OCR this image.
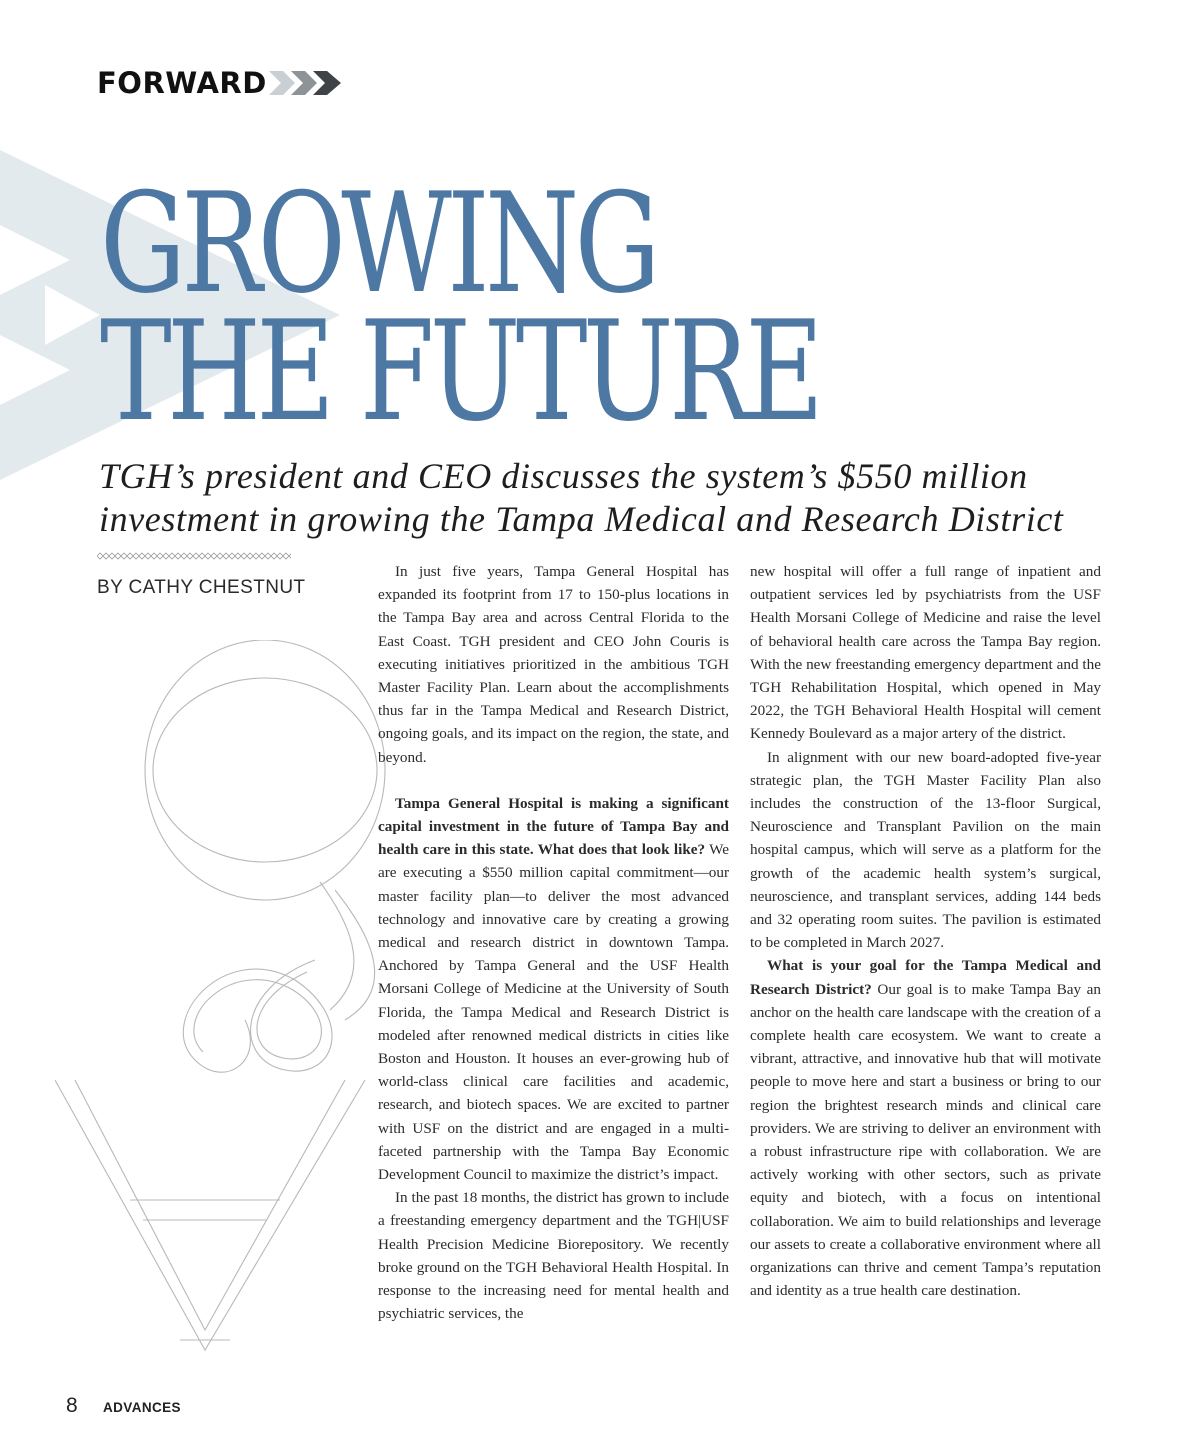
FORWARD
GROWING
THE FUTURE

TGH’s president and CEO discusses the system’s $550 million
investment in growing the Tampa Medical and Research District

BY CATHY CHESTNUT

In just five years, Tampa General Hospital has expanded its footprint from 17 to 150-plus locations in the Tampa Bay area and across Central Florida to the East Coast. TGH president and CEO John Couris is executing initiatives prioritized in the ambitious TGH Master Facility Plan. Learn about the accomplishments thus far in the Tampa Medical and Research District, ongoing goals, and its impact on the region, the state, and beyond.

Tampa General Hospital is making a significant capital investment in the future of Tampa Bay and health care in this state. What does that look like? We are executing a $550 million capital commitment—our master facility plan—to deliver the most advanced technology and innovative care by creating a growing medical and research district in downtown Tampa. Anchored by Tampa General and the USF Health Morsani College of Medicine at the University of South Florida, the Tampa Medical and Research District is modeled after renowned medical districts in cities like Boston and Houston. It houses an ever-growing hub of world-class clinical care facilities and academic, research, and biotech spaces. We are excited to partner with USF on the district and are engaged in a multi-faceted partnership with the Tampa Bay Economic Development Council to maximize the district’s impact.

In the past 18 months, the district has grown to include a freestanding emergency department and the TGH|USF Health Precision Medicine Biorepository. We recently broke ground on the TGH Behavioral Health Hospital. In response to the increasing need for mental health and psychiatric services, the

new hospital will offer a full range of inpatient and outpatient services led by psychiatrists from the USF Health Morsani College of Medicine and raise the level of behavioral health care across the Tampa Bay region. With the new freestanding emergency department and the TGH Rehabilitation Hospital, which opened in May 2022, the TGH Behavioral Health Hospital will cement Kennedy Boulevard as a major artery of the district.

In alignment with our new board-adopted five-year strategic plan, the TGH Master Facility Plan also includes the construction of the 13-floor Surgical, Neuroscience and Transplant Pavilion on the main hospital campus, which will serve as a platform for the growth of the academic health system’s surgical, neuroscience, and transplant services, adding 144 beds and 32 operating room suites. The pavilion is estimated to be completed in March 2027.

What is your goal for the Tampa Medical and Research District? Our goal is to make Tampa Bay an anchor on the health care landscape with the creation of a complete health care ecosystem. We want to create a vibrant, attractive, and innovative hub that will motivate people to move here and start a business or bring to our region the brightest research minds and clinical care providers. We are striving to deliver an environment with a robust infrastructure ripe with collaboration. We are actively working with other sectors, such as private equity and biotech, with a focus on intentional collaboration. We aim to build relationships and leverage our assets to create a collaborative environment where all organizations can thrive and cement Tampa’s reputation and identity as a true health care destination.

8 ADVANCES
